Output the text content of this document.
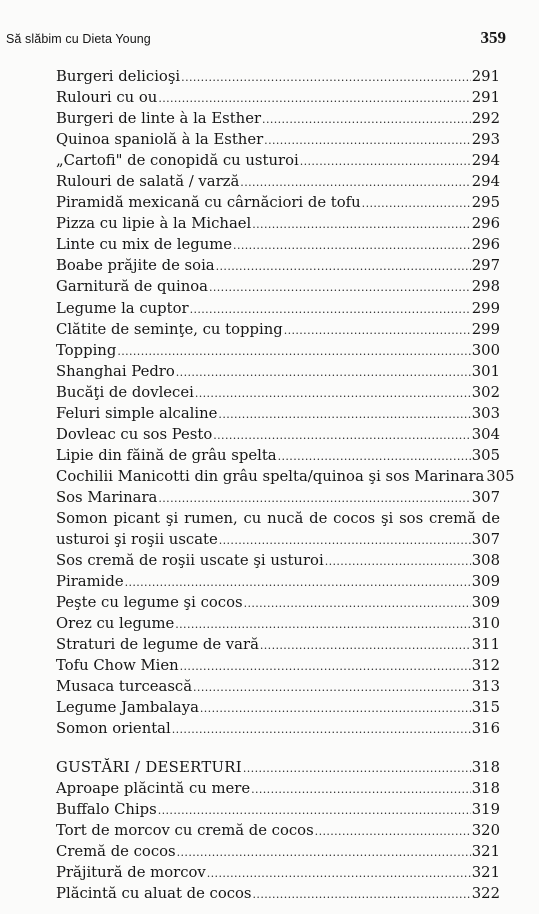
Să slăbim cu Dieta Young	359
Burgeri delicioşi .....	291
Rulouri cu ou .....	291
Burgeri de linte à la Esther .....	292
Quinoa spaniolă à la Esther .....	293
„Cartofi" de conopidă cu usturoi .....	294
Rulouri de salată / varză .....	294
Piramidă mexicană cu cârnăciori de tofu .....	295
Pizza cu lipie à la Michael .....	296
Linte cu mix de legume .....	296
Boabe prăjite de soia .....	297
Garnitură de quinoa .....	298
Legume la cuptor .....	299
Clătite de seminţe, cu topping .....	299
Topping .....	300
Shanghai Pedro .....	301
Bucăţi de dovlecei .....	302
Feluri simple alcaline .....	303
Dovleac cu sos Pesto .....	304
Lipie din făină de grâu spelta .....	305
Cochilii Manicotti din grâu spelta/quinoa şi sos Marinara 305
Sos Marinara .....	307
Somon picant şi rumen, cu nucă de cocos şi sos cremă de
usturoi şi roşii uscate .....	307
Sos cremă de roşii uscate şi usturoi .....	308
Piramide .....	309
Peşte cu legume şi cocos .....	309
Orez cu legume .....	310
Straturi de legume de vară .....	311
Tofu Chow Mien .....	312
Musaca turcească .....	313
Legume Jambalaya .....	315
Somon oriental .....	316
GUSTĂRI / DESERTURI .....	318
Aproape plăcintă cu mere .....	318
Buffalo Chips .....	319
Tort de morcov cu cremă de cocos .....	320
Cremă de cocos .....	321
Prăjitură de morcov .....	321
Plăcintă cu aluat de cocos .....	322
